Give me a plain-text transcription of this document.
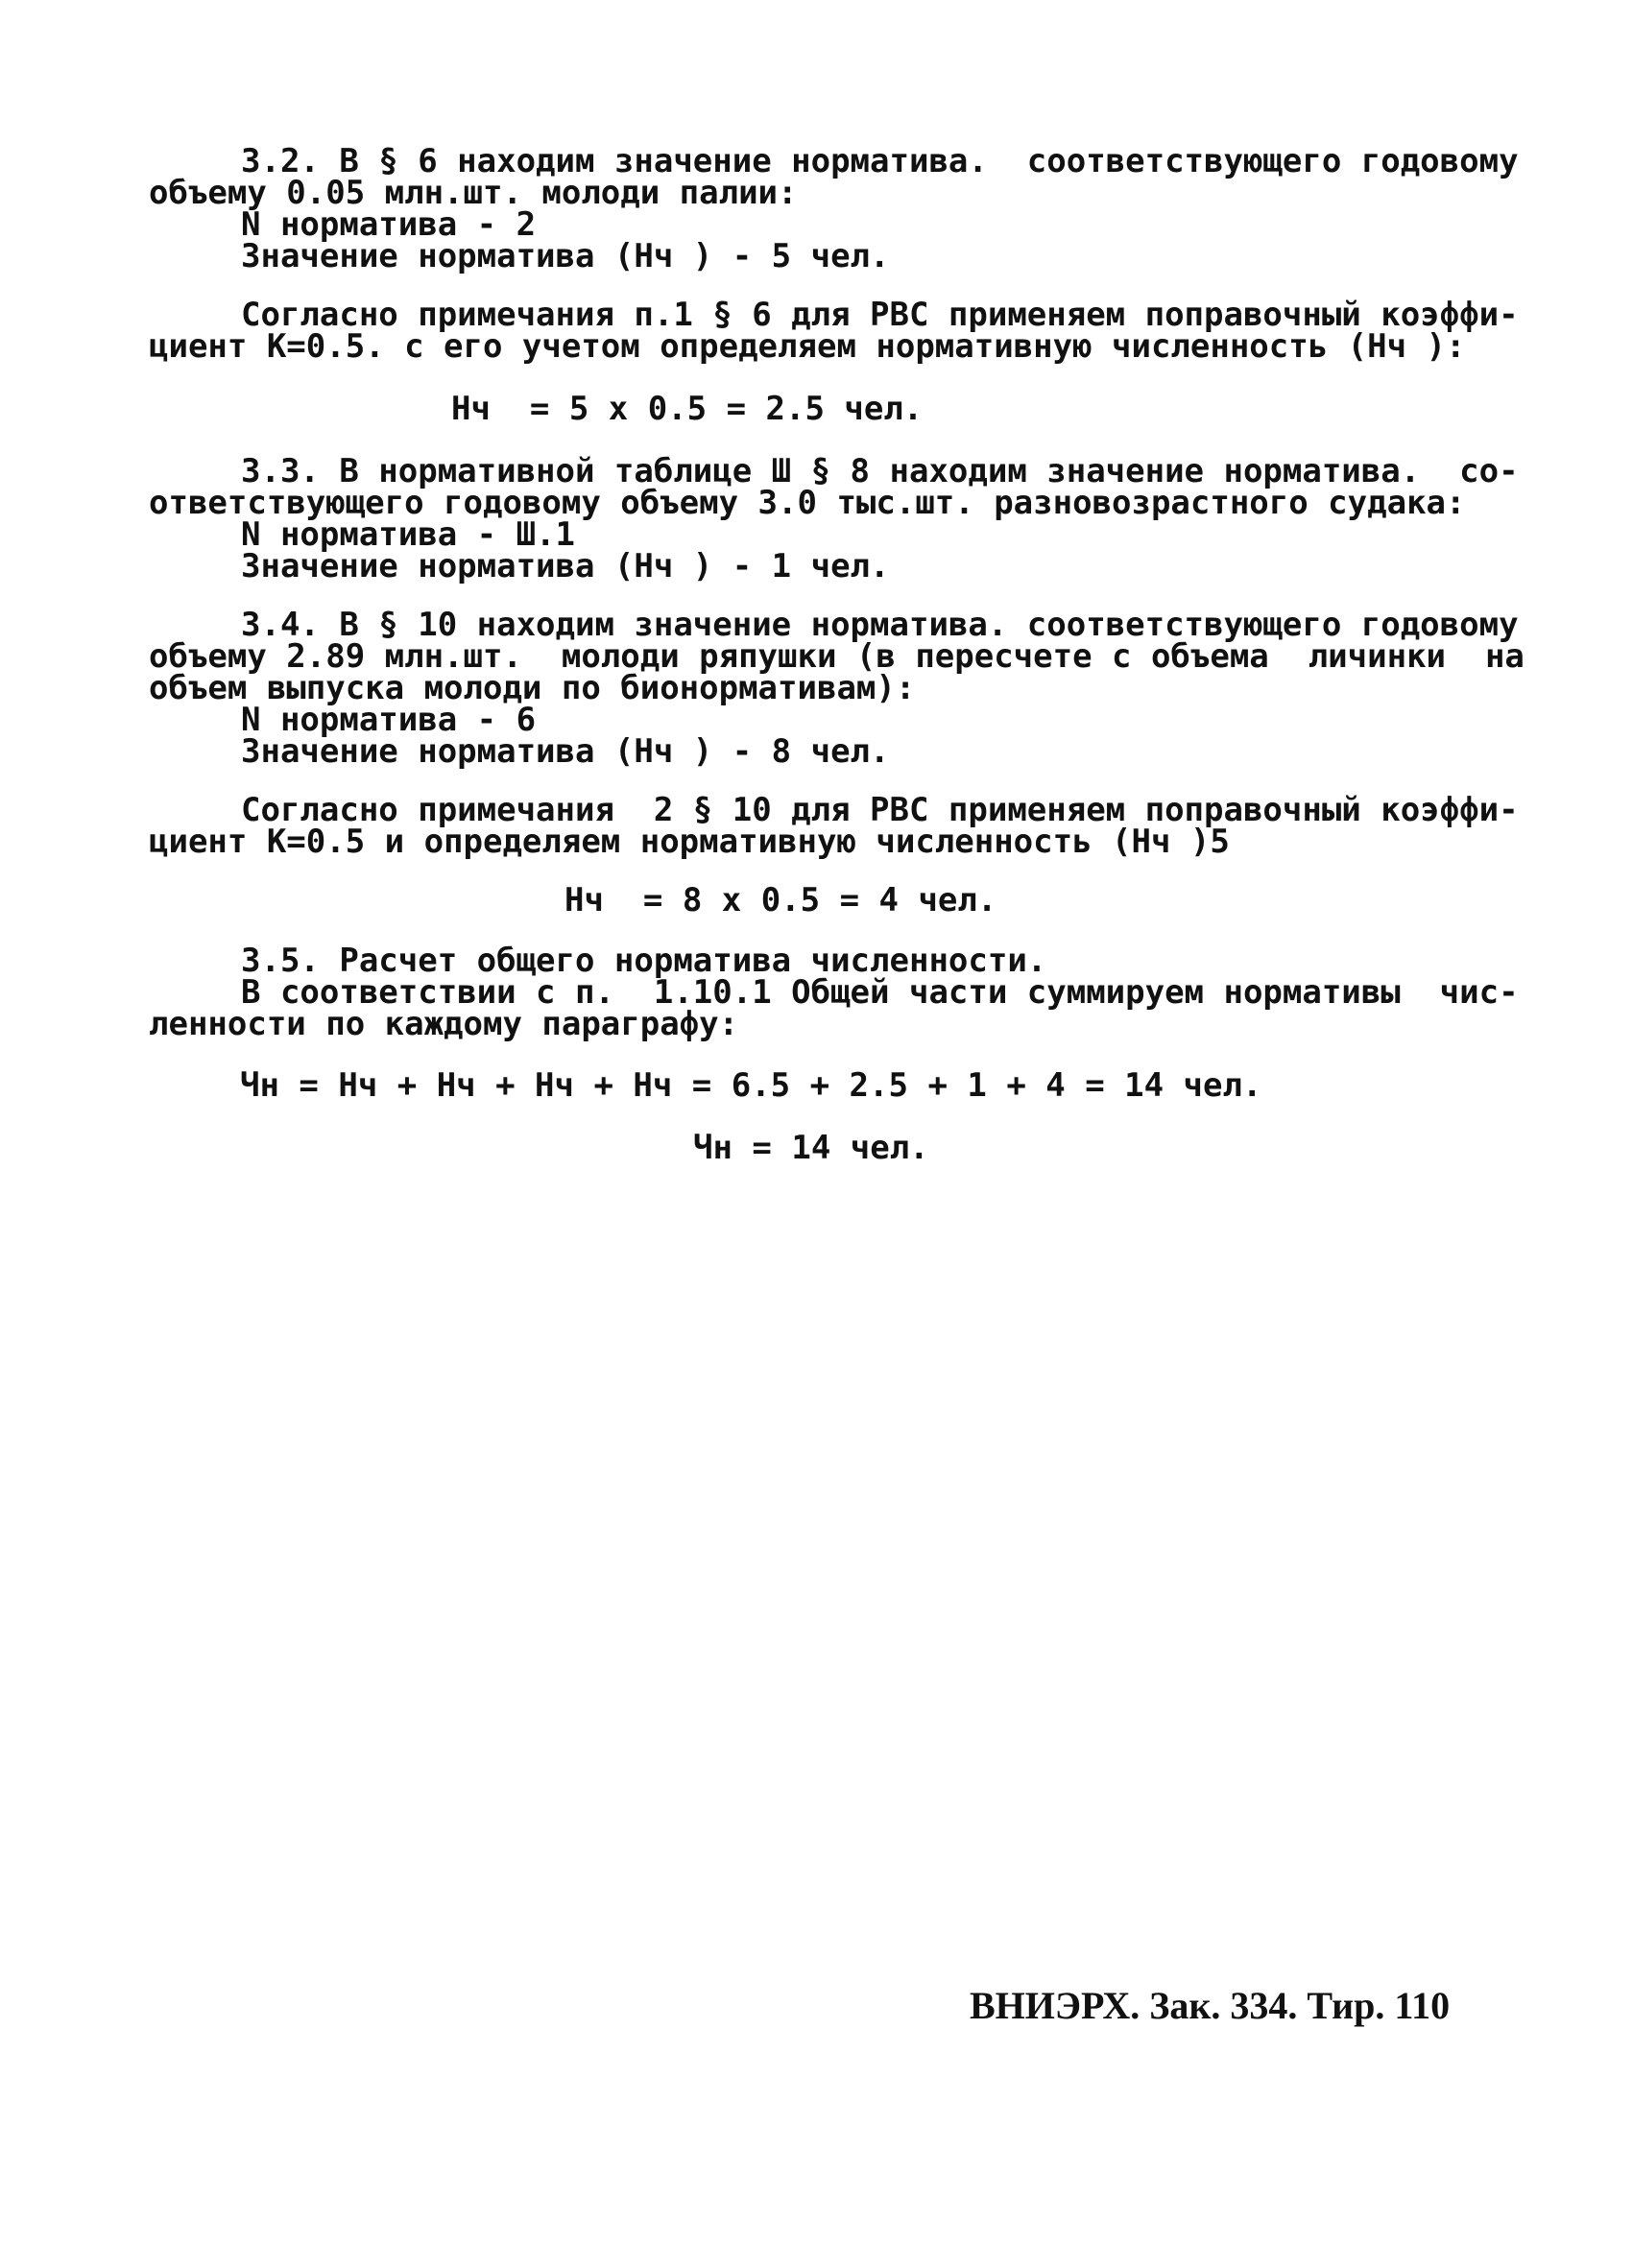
3.2. В § 6 находим значение норматива.  соответствующего годовому
объему 0.05 млн.шт. молоди палии:
N норматива - 2
Значение норматива (Нч ) - 5 чел.
Согласно примечания п.1 § 6 для РВС применяем поправочный коэффи-
циент К=0.5. с его учетом определяем нормативную численность (Нч ):
Нч  = 5 х 0.5 = 2.5 чел.
3.3. В нормативной таблице Ш § 8 находим значение норматива.  со-
ответствующего годовому объему 3.0 тыс.шт. разновозрастного судака:
N норматива - Ш.1
Значение норматива (Нч ) - 1 чел.
3.4. В § 10 находим значение норматива. соответствующего годовому
объему 2.89 млн.шт.  молоди ряпушки (в пересчете с объема  личинки  на
объем выпуска молоди по бионормативам):
N норматива - 6
Значение норматива (Нч ) - 8 чел.
Согласно примечания  2 § 10 для РВС применяем поправочный коэффи-
циент К=0.5 и определяем нормативную численность (Нч )5
Нч  = 8 х 0.5 = 4 чел.
3.5. Расчет общего норматива численности.
В соответствии с п.  1.10.1 Общей части суммируем нормативы  чис-
ленности по каждому параграфу:
Чн = Нч + Нч + Нч + Нч = 6.5 + 2.5 + 1 + 4 = 14 чел.
Чн = 14 чел.
ВНИЭРХ. Зак. 334. Тир. 110
